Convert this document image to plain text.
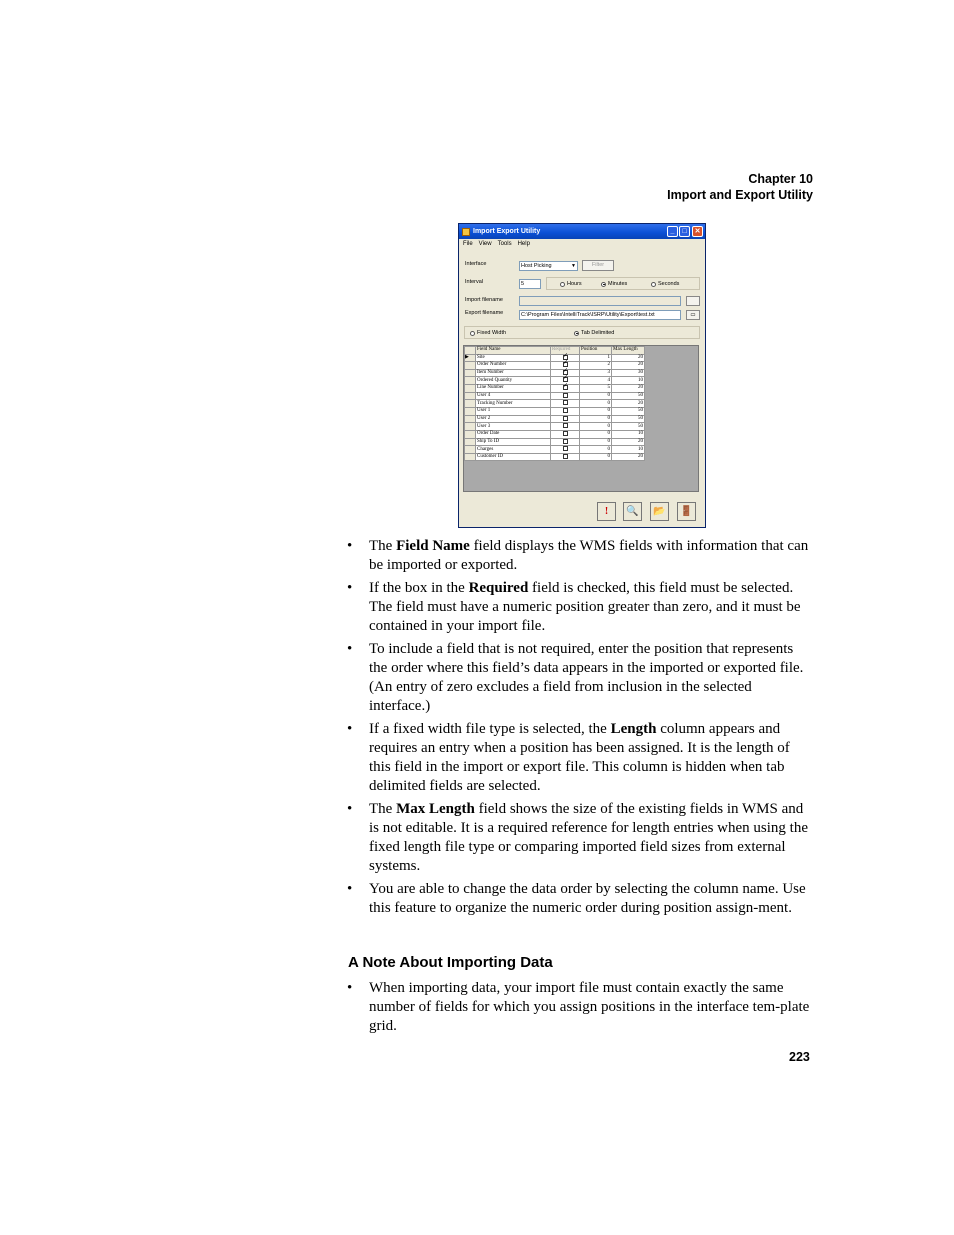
Chapter 10
Import and Export Utility
Import Export Utility	_	□	✕
File View Tools Help
Interface	Host Picking	▼	Filter
Interval	5	Hours	Minutes	Seconds
Import filename
Export filename	C:\Program Files\IntelliTrack\ISRP\Utility\Export\test.txt	▭
Fixed Width	Tab Delimited
	Field Name	Required	Position	Max Length
▶	Site	✓	1	20
	Order Number	✓	2	20
	Item Number	✓	3	30
	Ordered Quantity	✓	4	10
	Line Number	✓	5	20
	User 4		0	50
	Tracking Number		0	20
	User 1		0	50
	User 2		0	50
	User 3		0	50
	Order Date		0	10
	Ship To ID		0	20
	Charges		0	10
	Customer ID		0	20
! 🔍 📂 🚪
• The Field Name field displays the WMS fields with information that can be imported or exported.
• If the box in the Required field is checked, this field must be selected. The field must have a numeric position greater than zero, and it must be contained in your import file.
• To include a field that is not required, enter the position that represents the order where this field’s data appears in the imported or exported file. (An entry of zero excludes a field from inclusion in the selected interface.)
• If a fixed width file type is selected, the Length column appears and requires an entry when a position has been assigned. It is the length of this field in the import or export file. This column is hidden when tab delimited fields are selected.
• The Max Length field shows the size of the existing fields in WMS and is not editable. It is a required reference for length entries when using the fixed length file type or comparing imported field sizes from external systems.
• You are able to change the data order by selecting the column name. Use this feature to organize the numeric order during position assign-ment.
A Note About Importing Data
• When importing data, your import file must contain exactly the same number of fields for which you assign positions in the interface tem-plate grid.
223
